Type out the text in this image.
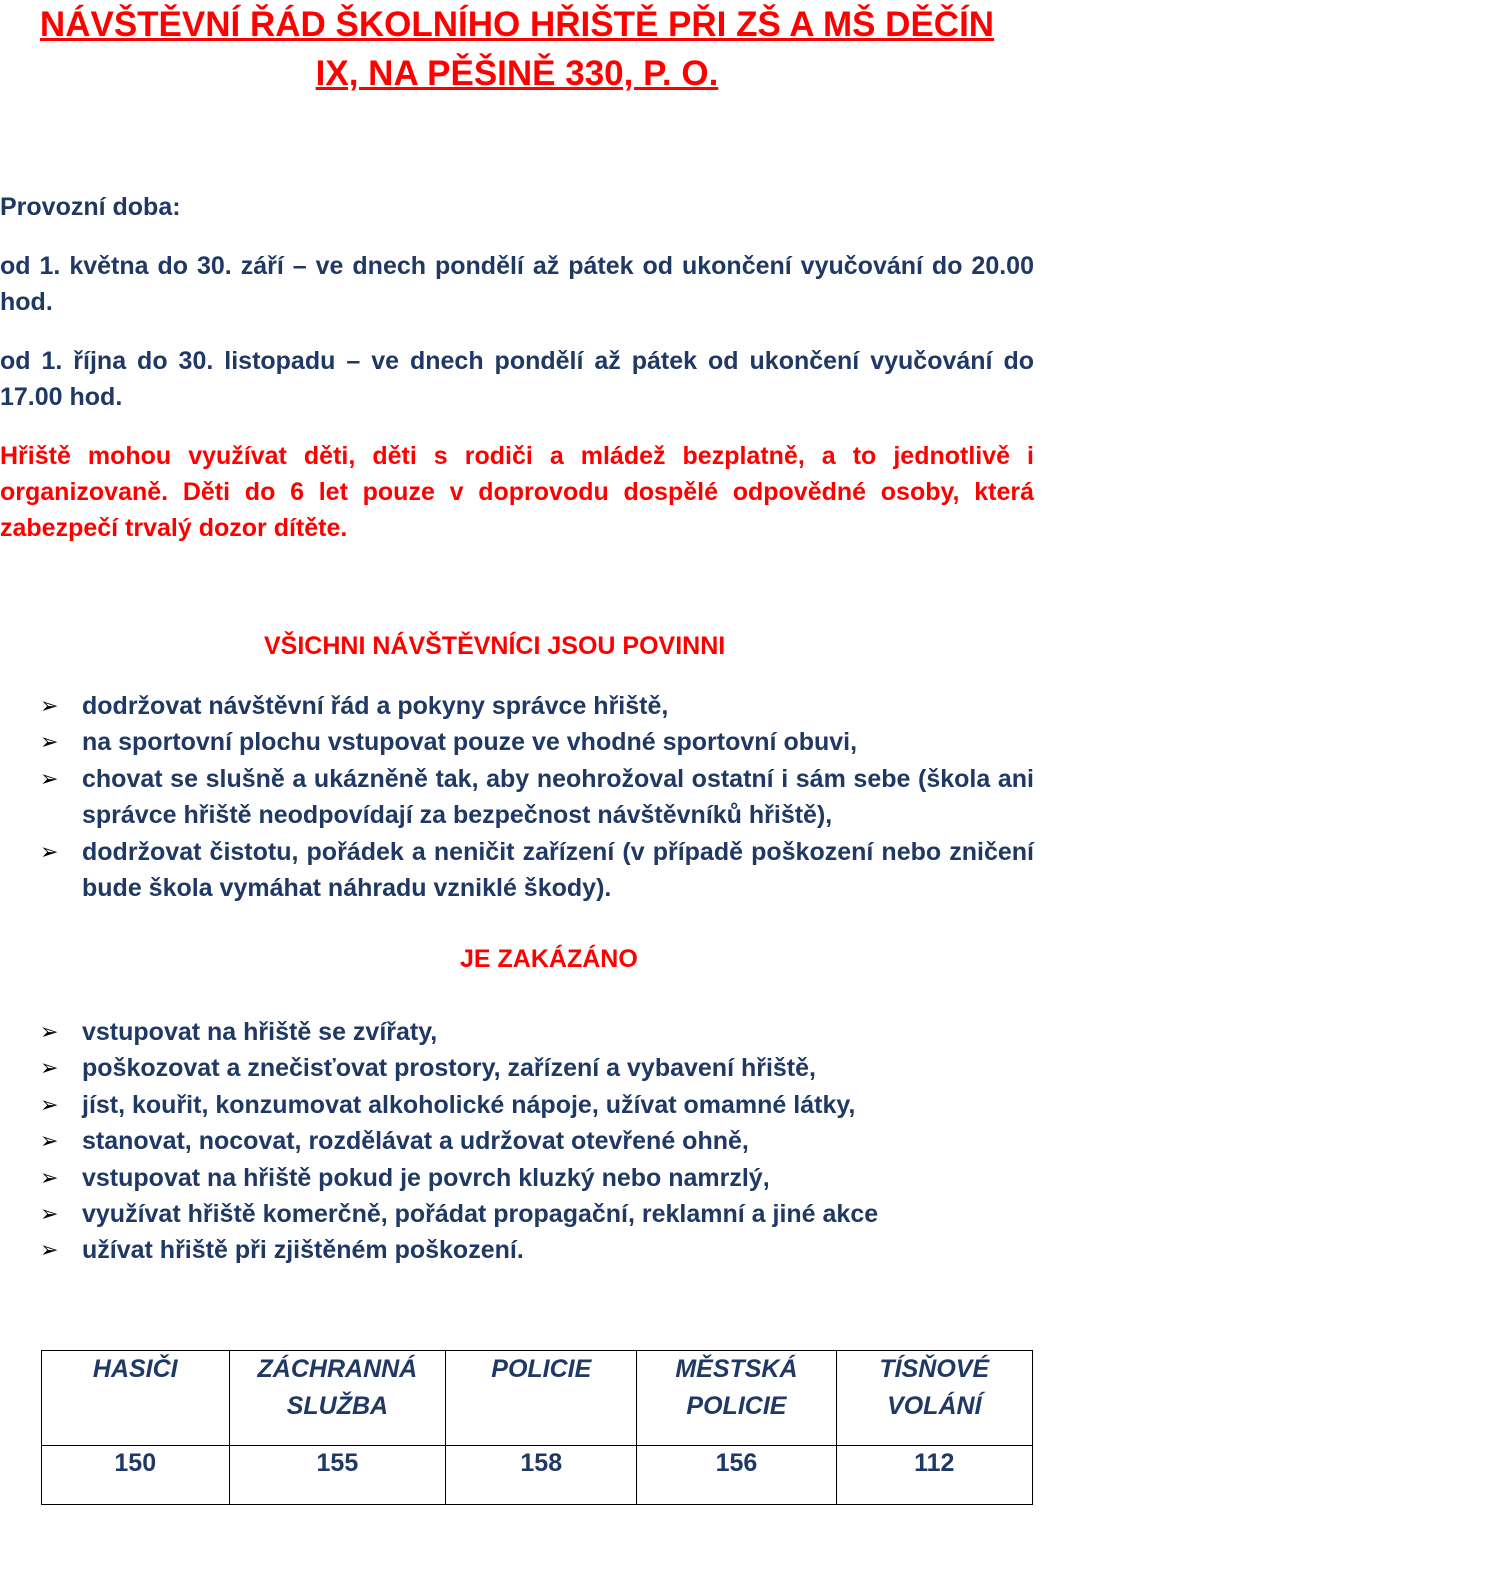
NÁVŠTĚVNÍ ŘÁD ŠKOLNÍHO HŘIŠTĚ PŘI ZŠ A MŠ DĚČÍN
IX, NA PĚŠINĚ 330, P. O.

Provozní doba:

od 1. května do 30. září – ve dnech pondělí až pátek od ukončení vyučování do 20.00 hod.

od 1. října do 30. listopadu – ve dnech pondělí až pátek od ukončení vyučování do 17.00 hod.

Hřiště mohou využívat děti, děti s rodiči a mládež bezplatně, a to jednotlivě i organizovaně. Děti do 6 let pouze v doprovodu dospělé odpovědné osoby, která zabezpečí trvalý dozor dítěte.

VŠICHNI NÁVŠTĚVNÍCI JSOU POVINNI
➢ dodržovat návštěvní řád a pokyny správce hřiště,
➢ na sportovní plochu vstupovat pouze ve vhodné sportovní obuvi,
➢ chovat se slušně a ukázněně tak, aby neohrožoval ostatní i sám sebe (škola ani správce hřiště neodpovídají za bezpečnost návštěvníků hřiště),
➢ dodržovat čistotu, pořádek a neničit zařízení (v případě poškození nebo zničení bude škola vymáhat náhradu vzniklé škody).
JE ZAKÁZÁNO
➢ vstupovat na hřiště se zvířaty,
➢ poškozovat a znečisťovat prostory, zařízení a vybavení hřiště,
➢ jíst, kouřit, konzumovat alkoholické nápoje, užívat omamné látky,
➢ stanovat, nocovat, rozdělávat a udržovat otevřené ohně,
➢ vstupovat na hřiště pokud je povrch kluzký nebo namrzlý,
➢ využívat hřiště komerčně, pořádat propagační, reklamní a jiné akce
➢ užívat hřiště při zjištěném poškození.
HASIČI	ZÁCHRANNÁ SLUŽBA	POLICIE	MĚSTSKÁ POLICIE	TÍSŇOVÉ VOLÁNÍ
150	155	158	156	112
